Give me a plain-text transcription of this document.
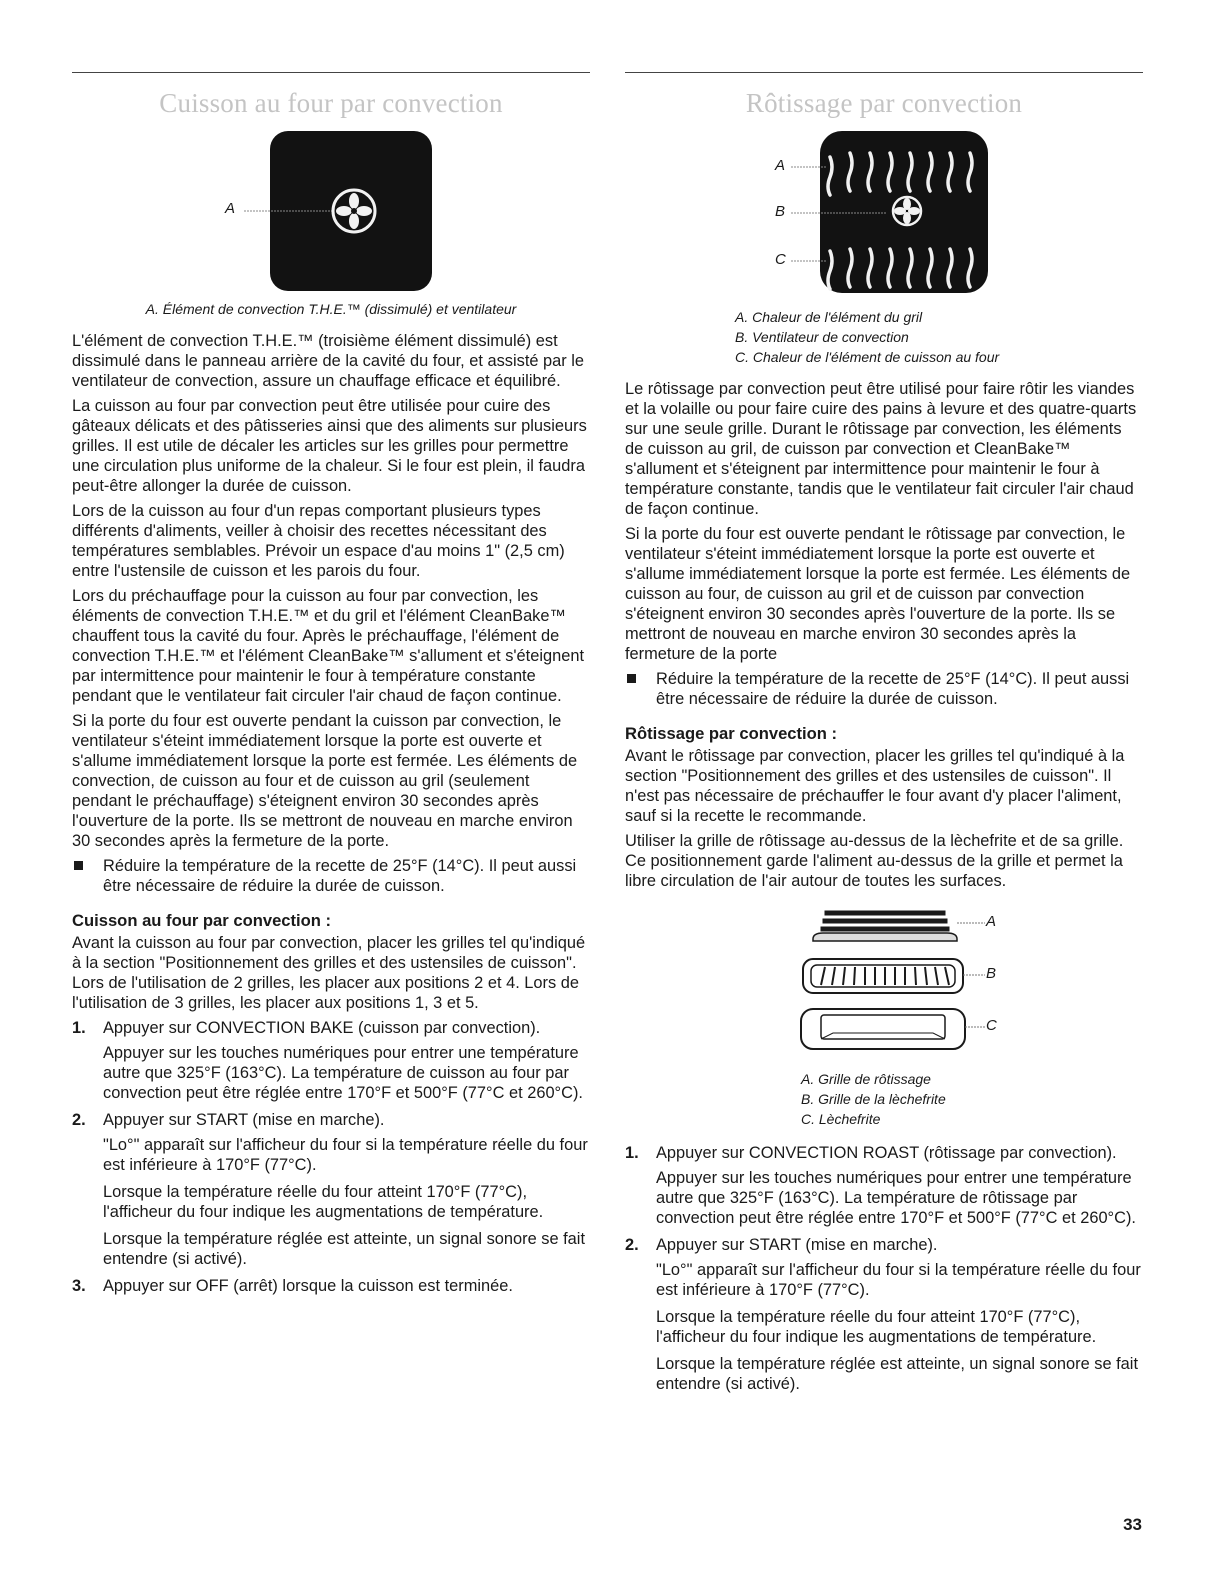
Cuisson au four par convection
A
A. Élément de convection T.H.E.™ (dissimulé) et ventilateur

L'élément de convection T.H.E.™ (troisième élément dissimulé) est dissimulé dans le panneau arrière de la cavité du four, et assisté par le ventilateur de convection, assure un chauffage efficace et équilibré.

La cuisson au four par convection peut être utilisée pour cuire des gâteaux délicats et des pâtisseries ainsi que des aliments sur plusieurs grilles. Il est utile de décaler les articles sur les grilles pour permettre une circulation plus uniforme de la chaleur. Si le four est plein, il faudra peut-être allonger la durée de cuisson.

Lors de la cuisson au four d'un repas comportant plusieurs types différents d'aliments, veiller à choisir des recettes nécessitant des températures semblables. Prévoir un espace d'au moins 1" (2,5 cm) entre l'ustensile de cuisson et les parois du four.

Lors du préchauffage pour la cuisson au four par convection, les éléments de convection T.H.E.™ et du gril et l'élément CleanBake™ chauffent tous la cavité du four. Après le préchauffage, l'élément de convection T.H.E.™ et l'élément CleanBake™ s'allument et s'éteignent par intermittence pour maintenir le four à température constante pendant que le ventilateur fait circuler l'air chaud de façon continue.

Si la porte du four est ouverte pendant la cuisson par convection, le ventilateur s'éteint immédiatement lorsque la porte est ouverte et s'allume immédiatement lorsque la porte est fermée. Les éléments de convection, de cuisson au four et de cuisson au gril (seulement pendant le préchauffage) s'éteignent environ 30 secondes après l'ouverture de la porte. Ils se mettront de nouveau en marche environ 30 secondes après la fermeture de la porte.

Réduire la température de la recette de 25°F (14°C). Il peut aussi être nécessaire de réduire la durée de cuisson.

Cuisson au four par convection :

Avant la cuisson au four par convection, placer les grilles tel qu'indiqué à la section "Positionnement des grilles et des ustensiles de cuisson". Lors de l'utilisation de 2 grilles, les placer aux positions 2 et 4. Lors de l'utilisation de 3 grilles, les placer aux positions 1, 3 et 5.

1.	Appuyer sur CONVECTION BAKE (cuisson par convection).

Appuyer sur les touches numériques pour entrer une température autre que 325°F (163°C). La température de cuisson au four par convection peut être réglée entre 170°F et 500°F (77°C et 260°C).

2.	Appuyer sur START (mise en marche).

"Lo°" apparaît sur l'afficheur du four si la température réelle du four est inférieure à 170°F (77°C).

Lorsque la température réelle du four atteint 170°F (77°C), l'afficheur du four indique les augmentations de température.

Lorsque la température réglée est atteinte, un signal sonore se fait entendre (si activé).

3.	Appuyer sur OFF (arrêt) lorsque la cuisson est terminée.
Rôtissage par convection
A
B
C
A. Chaleur de l'élément du gril
B. Ventilateur de convection
C. Chaleur de l'élément de cuisson au four

Le rôtissage par convection peut être utilisé pour faire rôtir les viandes et la volaille ou pour faire cuire des pains à levure et des quatre-quarts sur une seule grille. Durant le rôtissage par convection, les éléments de cuisson au gril, de cuisson par convection et CleanBake™ s'allument et s'éteignent par intermittence pour maintenir le four à température constante, tandis que le ventilateur fait circuler l'air chaud de façon continue.

Si la porte du four est ouverte pendant le rôtissage par convection, le ventilateur s'éteint immédiatement lorsque la porte est ouverte et s'allume immédiatement lorsque la porte est fermée. Les éléments de cuisson au four, de cuisson au gril et de cuisson par convection s'éteignent environ 30 secondes après l'ouverture de la porte. Ils se mettront de nouveau en marche environ 30 secondes après la fermeture de la porte

Réduire la température de la recette de 25°F (14°C). Il peut aussi être nécessaire de réduire la durée de cuisson.

Rôtissage par convection :

Avant le rôtissage par convection, placer les grilles tel qu'indiqué à la section "Positionnement des grilles et des ustensiles de cuisson". Il n'est pas nécessaire de préchauffer le four avant d'y placer l'aliment, sauf si la recette le recommande.

Utiliser la grille de rôtissage au-dessus de la lèchefrite et de sa grille. Ce positionnement garde l'aliment au-dessus de la grille et permet la libre circulation de l'air autour de toutes les surfaces.

A
B
C
A. Grille de rôtissage
B. Grille de la lèchefrite
C. Lèchefrite
1.	Appuyer sur CONVECTION ROAST (rôtissage par convection).

Appuyer sur les touches numériques pour entrer une température autre que 325°F (163°C). La température de rôtissage par convection peut être réglée entre 170°F et 500°F (77°C et 260°C).

2.	Appuyer sur START (mise en marche).

"Lo°" apparaît sur l'afficheur du four si la température réelle du four est inférieure à 170°F (77°C).

Lorsque la température réelle du four atteint 170°F (77°C), l'afficheur du four indique les augmentations de température.

Lorsque la température réglée est atteinte, un signal sonore se fait entendre (si activé).

33
